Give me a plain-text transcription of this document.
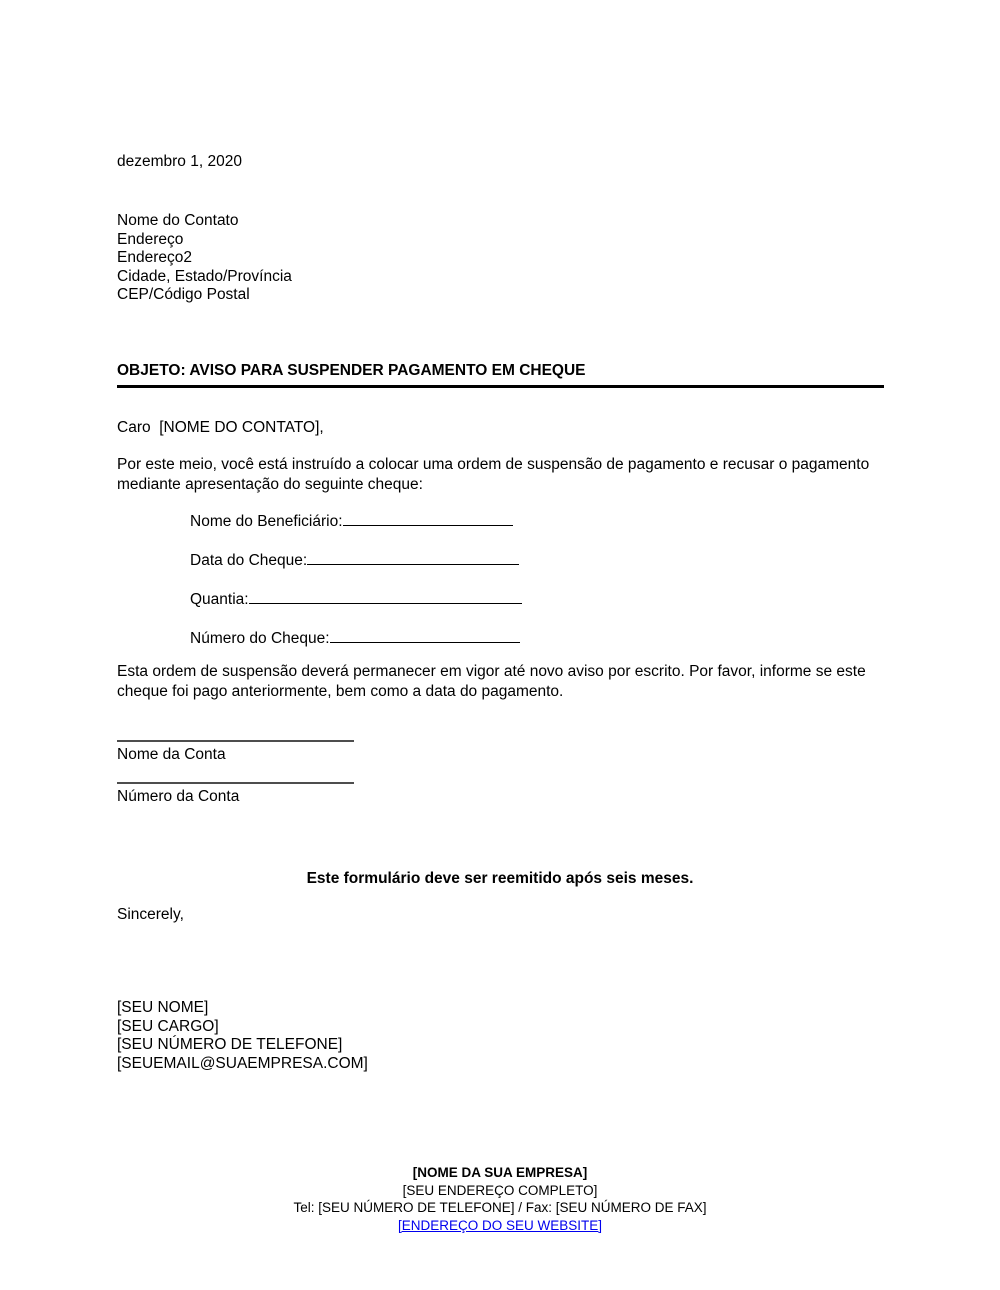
dezembro 1, 2020
Nome do Contato
Endereço
Endereço2
Cidade, Estado/Província
CEP/Código Postal
OBJETO: AVISO PARA SUSPENDER PAGAMENTO EM CHEQUE
Caro  [NOME DO CONTATO],
Por este meio, você está instruído a colocar uma ordem de suspensão de pagamento e recusar o pagamento mediante apresentação do seguinte cheque:
Nome do Beneficiário:
Data do Cheque:
Quantia:
Número do Cheque:
Esta ordem de suspensão deverá permanecer em vigor até novo aviso por escrito. Por favor, informe se este cheque foi pago anteriormente, bem como a data do pagamento.
Nome da Conta
Número da Conta
Este formulário deve ser reemitido após seis meses.
Sincerely,
[SEU NOME]
[SEU CARGO]
[SEU NÚMERO DE TELEFONE]
[SEUEMAIL@SUAEMPRESA.COM]
[NOME DA SUA EMPRESA]
[SEU ENDEREÇO COMPLETO]
Tel: [SEU NÚMERO DE TELEFONE] / Fax: [SEU NÚMERO DE FAX]
[ENDEREÇO DO SEU WEBSITE]
